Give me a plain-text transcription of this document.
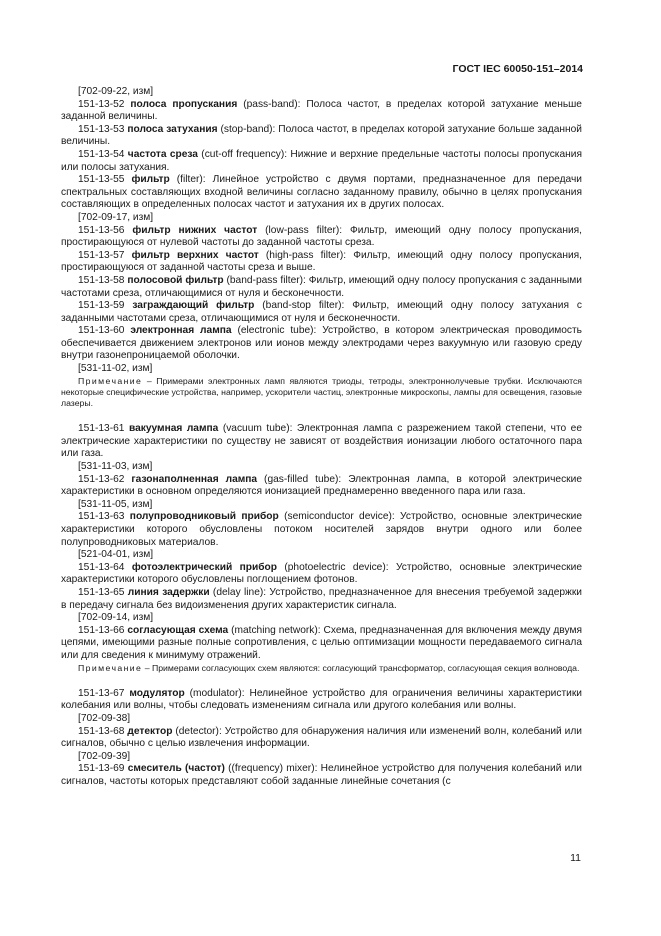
ГОСТ IEC 60050-151–2014

[702-09-22, изм]

151-13-52 полоса пропускания (pass-band): Полоса частот, в пределах которой затухание меньше заданной величины.

151-13-53 полоса затухания (stop-band): Полоса частот, в пределах которой затухание больше заданной величины.

151-13-54 частота среза (cut-off frequency): Нижние и верхние предельные частоты полосы пропускания или полосы затухания.

151-13-55 фильтр (filter): Линейное устройство с двумя портами, предназначенное для передачи спектральных составляющих входной величины согласно заданному правилу, обычно в целях пропускания составляющих в определенных полосах частот и затухания их в других полосах.

[702-09-17, изм]

151-13-56 фильтр нижних частот (low-pass filter): Фильтр, имеющий одну полосу пропускания, простирающуюся от нулевой частоты до заданной частоты среза.

151-13-57 фильтр верхних частот (high-pass filter): Фильтр, имеющий одну полосу пропускания, простирающуюся от заданной частоты среза и выше.

151-13-58 полосовой фильтр (band-pass filter): Фильтр, имеющий одну полосу пропускания с заданными частотами среза, отличающимися от нуля и бесконечности.

151-13-59 заграждающий фильтр (band-stop filter): Фильтр, имеющий одну полосу затухания с заданными частотами среза, отличающимися от нуля и бесконечности.

151-13-60 электронная лампа (electronic tube): Устройство, в котором электрическая проводимость обеспечивается движением электронов или ионов между электродами через вакуумную или газовую среду внутри газонепроницаемой оболочки.

[531-11-02, изм]

Примечание – Примерами электронных ламп являются триоды, тетроды, электроннолучевые трубки. Исключаются некоторые специфические устройства, например, ускорители частиц, электронные микроскопы, лампы для освещения, газовые лазеры.

151-13-61 вакуумная лампа (vacuum tube): Электронная лампа с разрежением такой степени, что ее электрические характеристики по существу не зависят от воздействия ионизации любого остаточного пара или газа.

[531-11-03, изм]

151-13-62 газонаполненная лампа (gas-filled tube): Электронная лампа, в которой электрические характеристики в основном определяются ионизацией преднамеренно введенного пара или газа.

[531-11-05, изм]

151-13-63 полупроводниковый прибор (semiconductor device): Устройство, основные электрические характеристики которого обусловлены потоком носителей зарядов внутри одного или более полупроводниковых материалов.

[521-04-01, изм]

151-13-64 фотоэлектрический прибор (photoelectric device): Устройство, основные электрические характеристики которого обусловлены поглощением фотонов.

151-13-65 линия задержки (delay line): Устройство, предназначенное для внесения требуемой задержки в передачу сигнала без видоизменения других характеристик сигнала.

[702-09-14, изм]

151-13-66 согласующая схема (matching network): Схема, предназначенная для включения между двумя цепями, имеющими разные полные сопротивления, с целью оптимизации мощности передаваемого сигнала или для сведения к минимуму отражений.

Примечание – Примерами согласующих схем являются: согласующий трансформатор, согласующая секция волновода.

151-13-67 модулятор (modulator): Нелинейное устройство для ограничения величины характеристики колебания или волны, чтобы следовать изменениям сигнала или другого колебания или волны.

[702-09-38]

151-13-68 детектор (detector): Устройство для обнаружения наличия или изменений волн, колебаний или сигналов, обычно с целью извлечения информации.

[702-09-39]

151-13-69 смеситель (частот) ((frequency) mixer): Нелинейное устройство для получения колебаний или сигналов, частоты которых представляют собой заданные линейные сочетания (с

11
